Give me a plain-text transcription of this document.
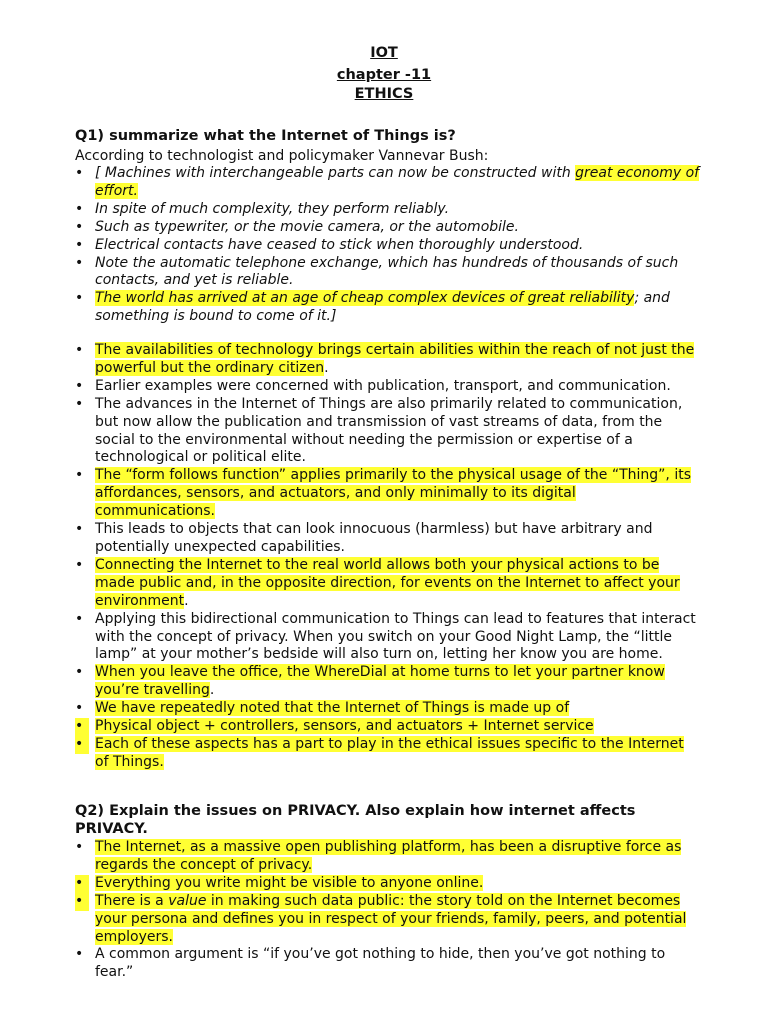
IOT
chapter -11
ETHICS
Q1) summarize what the Internet of Things is?
According to technologist and policymaker Vannevar Bush:
• [ Machines with interchangeable parts can now be constructed with great economy of effort.
• In spite of much complexity, they perform reliably.
• Such as typewriter, or the movie camera, or the automobile.
• Electrical contacts have ceased to stick when thoroughly understood.
• Note the automatic telephone exchange, which has hundreds of thousands of such contacts, and yet is reliable.
• The world has arrived at an age of cheap complex devices of great reliability; and something is bound to come of it.]
• The availabilities of technology brings certain abilities within the reach of not just the powerful but the ordinary citizen.
• Earlier examples were concerned with publication, transport, and communication.
• The advances in the Internet of Things are also primarily related to communication, but now allow the publication and transmission of vast streams of data, from the social to the environmental without needing the permission or expertise of a technological or political elite.
• The “form follows function” applies primarily to the physical usage of the “Thing”, its affordances, sensors, and actuators, and only minimally to its digital communications.
• This leads to objects that can look innocuous (harmless) but have arbitrary and potentially unexpected capabilities.
• Connecting the Internet to the real world allows both your physical actions to be made public and, in the opposite direction, for events on the Internet to affect your environment.
• Applying this bidirectional communication to Things can lead to features that interact with the concept of privacy. When you switch on your Good Night Lamp, the “little lamp” at your mother’s bedside will also turn on, letting her know you are home.
• When you leave the office, the WhereDial at home turns to let your partner know you’re travelling.
• We have repeatedly noted that the Internet of Things is made up of
• Physical object + controllers, sensors, and actuators + Internet service
• Each of these aspects has a part to play in the ethical issues specific to the Internet of Things.
Q2) Explain the issues on PRIVACY. Also explain how internet affects PRIVACY.
• The Internet, as a massive open publishing platform, has been a disruptive force as regards the concept of privacy.
• Everything you write might be visible to anyone online.
• There is a value in making such data public: the story told on the Internet becomes your persona and defines you in respect of your friends, family, peers, and potential employers.
• A common argument is “if you’ve got nothing to hide, then you’ve got nothing to fear.”
